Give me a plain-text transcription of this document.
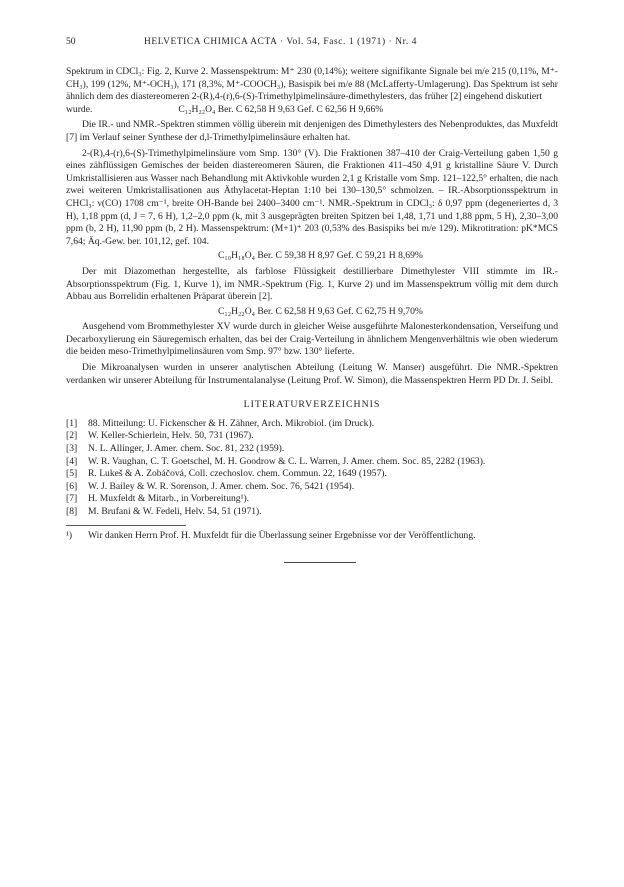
50	HELVETICA CHIMICA ACTA · Vol. 54, Fasc. 1 (1971) · Nr. 4

Spektrum in CDCl₃: Fig. 2, Kurve 2. Massenspektrum: M⁺ 230 (0,14%); weitere signifikante Signale bei m/e 215 (0,11%, M⁺-CH₃), 199 (12%, M⁺-OCH₃), 171 (8,3%, M⁺-COOCH₃), Basispik bei m/e 88 (McLafferty-Umlagerung). Das Spektrum ist sehr ähnlich dem des diastereomeren 2-(R),4-(r),6-(S)-Trimethylpimelinsäure-dimethylesters, das früher [2] eingehend diskutiert

wurde.	C₁₂H₂₂O₄ Ber. C 62,58 H 9,63 Gef. C 62,56 H 9,66%

Die IR.- und NMR.-Spektren stimmen völlig überein mit denjenigen des Dimethylesters des Nebenproduktes, das Muxfeldt [7] im Verlauf seiner Synthese der d,l-Trimethylpimelinsäure erhalten hat.

2-(R),4-(r),6-(S)-Trimethylpimelinsäure vom Smp. 130° (V). Die Fraktionen 387–410 der Craig-Verteilung gaben 1,50 g eines zähflüssigen Gemisches der beiden diastereomeren Säuren, die Fraktionen 411–450 4,91 g kristalline Säure V. Durch Umkristallisieren aus Wasser nach Behandlung mit Aktivkohle wurden 2,1 g Kristalle vom Smp. 121–122,5° erhalten, die nach zwei weiteren Umkristallisationen aus Äthylacetat-Heptan 1:10 bei 130–130,5° schmolzen. – IR.-Absorptionsspektrum in CHCl₃: ν(CO) 1708 cm⁻¹, breite OH-Bande bei 2400–3400 cm⁻¹. NMR.-Spektrum in CDCl₃: δ 0,97 ppm (degeneriertes d, 3 H), 1,18 ppm (d, J = 7, 6 H), 1,2–2,0 ppm (k, mit 3 ausgeprägten breiten Spitzen bei 1,48, 1,71 und 1,88 ppm, 5 H), 2,30–3,00 ppm (b, 2 H), 11,90 ppm (b, 2 H). Massenspektrum: (M+1)⁺ 203 (0,53% des Basispiks bei m/e 129). Mikrotitration: pK*MCS 7,64; Äq.-Gew. ber. 101,12, gef. 104.

C₁₀H₁₈O₄ Ber. C 59,38 H 8,97 Gef. C 59,21 H 8,69%

Der mit Diazomethan hergestellte, als farblose Flüssigkeit destillierbare Dimethylester VIII stimmte im IR.-Absorptionsspektrum (Fig. 1, Kurve 1), im NMR.-Spektrum (Fig. 1, Kurve 2) und im Massenspektrum völlig mit dem durch Abbau aus Borrelidin erhaltenen Präparat überein [2].

C₁₂H₂₂O₄ Ber. C 62,58 H 9,63 Gef. C 62,75 H 9,70%

Ausgehend vom Brommethylester XV wurde durch in gleicher Weise ausgeführte Malonesterkondensation, Verseifung und Decarboxylierung ein Säuregemisch erhalten, das bei der Craig-Verteilung in ähnlichem Mengenverhältnis wie oben wiederum die beiden meso-Trimethylpimelinsäuren vom Smp. 97° bzw. 130° lieferte.

Die Mikroanalysen wurden in unserer analytischen Abteilung (Leitung W. Manser) ausgeführt. Die NMR.-Spektren verdanken wir unserer Abteilung für Instrumentalanalyse (Leitung Prof. W. Simon), die Massenspektren Herrn PD Dr. J. Seibl.

LITERATURVERZEICHNIS
[1]	88. Mitteilung: U. Fickenscher & H. Zähner, Arch. Mikrobiol. (im Druck).
[2]	W. Keller-Schierlein, Helv. 50, 731 (1967).
[3]	N. L. Allinger, J. Amer. chem. Soc. 81, 232 (1959).
[4]	W. R. Vaughan, C. T. Goetschel, M. H. Goodrow & C. L. Warren, J. Amer. chem. Soc. 85, 2282 (1963).
[5]	R. Lukeš & A. Zobáčová, Coll. czechoslov. chem. Commun. 22, 1649 (1957).
[6]	W. J. Bailey & W. R. Sorenson, J. Amer. chem. Soc. 76, 5421 (1954).
[7]	H. Muxfeldt & Mitarb., in Vorbereitung¹).
[8]	M. Brufani & W. Fedeli, Helv. 54, 51 (1971).
¹)	Wir danken Herrn Prof. H. Muxfeldt für die Überlassung seiner Ergebnisse vor der Veröffentlichung.
